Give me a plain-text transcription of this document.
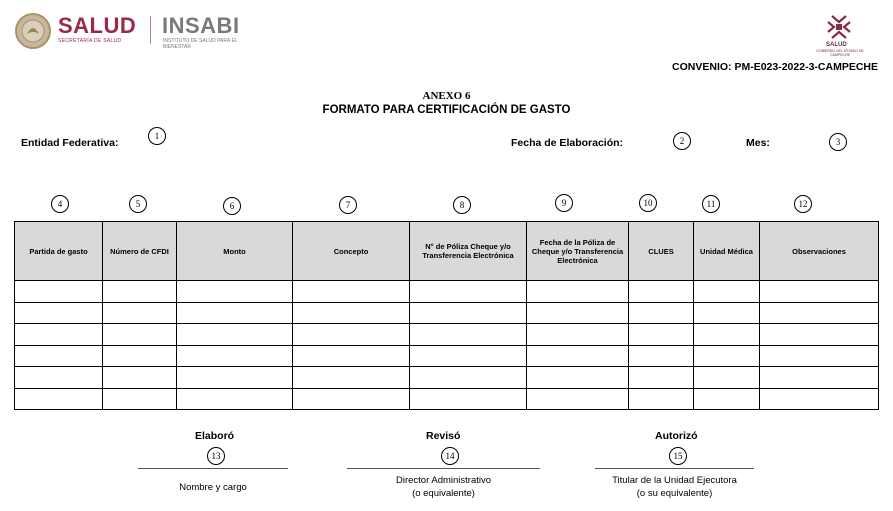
SALUD
SECRETARÍA DE SALUD
INSABI
INSTITUTO DE SALUD PARA EL BIENESTAR	SALUD
GOBIERNO DEL ESTADO DE CAMPECHE
CONVENIO: PM-E023-2022-3-CAMPECHE
ANEXO 6
FORMATO PARA CERTIFICACIÓN DE GASTO
Entidad Federativa:
1
Fecha de Elaboración:	2	Mes:	3
4	5	6	7	8	9	10	11	12
Partida de gasto	Número de CFDI	Monto	Concepto	N° de Póliza Cheque y/o Transferencia Electrónica	Fecha de la Póliza de Cheque y/o Transferencia Electrónica	CLUES	Unidad Médica	Observaciones

Elaboró
13
Nombre y cargo
Revisó
14
Director Administrativo
(o equivalente)
Autorizó
15
Titular de la Unidad Ejecutora
(o su equivalente)
